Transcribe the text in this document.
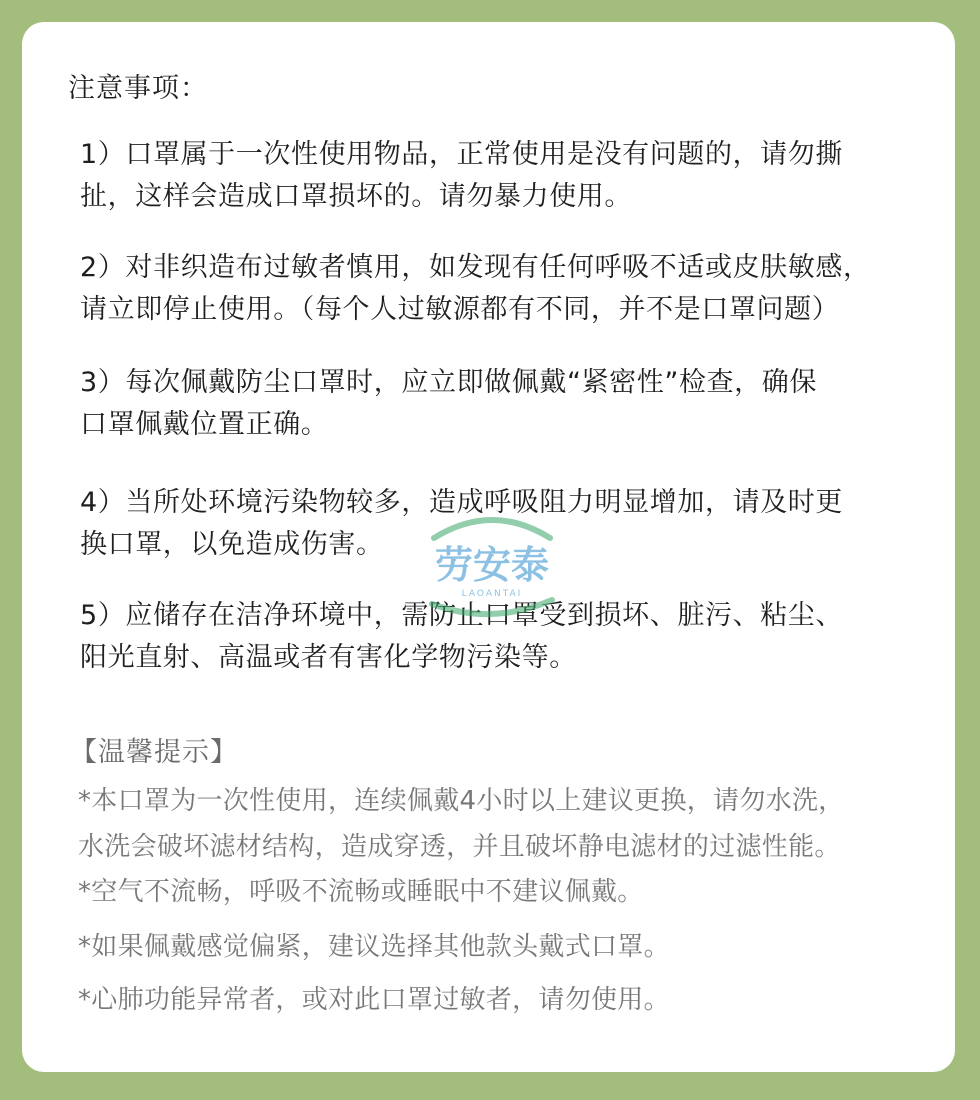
注意事项：
1）口罩属于一次性使用物品，正常使用是没有问题的，请勿撕
扯，这样会造成口罩损坏的。请勿暴力使用。
2）对非织造布过敏者慎用，如发现有任何呼吸不适或皮肤敏感，
请立即停止使用。（每个人过敏源都有不同，并不是口罩问题）
3）每次佩戴防尘口罩时，应立即做佩戴“紧密性”检查，确保
口罩佩戴位置正确。
4）当所处环境污染物较多，造成呼吸阻力明显增加，请及时更
换口罩，以免造成伤害。
5）应储存在洁净环境中，需防止口罩受到损坏、脏污、粘尘、
阳光直射、高温或者有害化学物污染等。
【温馨提示】
*本口罩为一次性使用，连续佩戴4小时以上建议更换，请勿水洗，
水洗会破坏滤材结构，造成穿透，并且破坏静电滤材的过滤性能。
*空气不流畅，呼吸不流畅或睡眠中不建议佩戴。
*如果佩戴感觉偏紧，建议选择其他款头戴式口罩。
*心肺功能异常者，或对此口罩过敏者，请勿使用。
劳安泰
LAOANTAI
